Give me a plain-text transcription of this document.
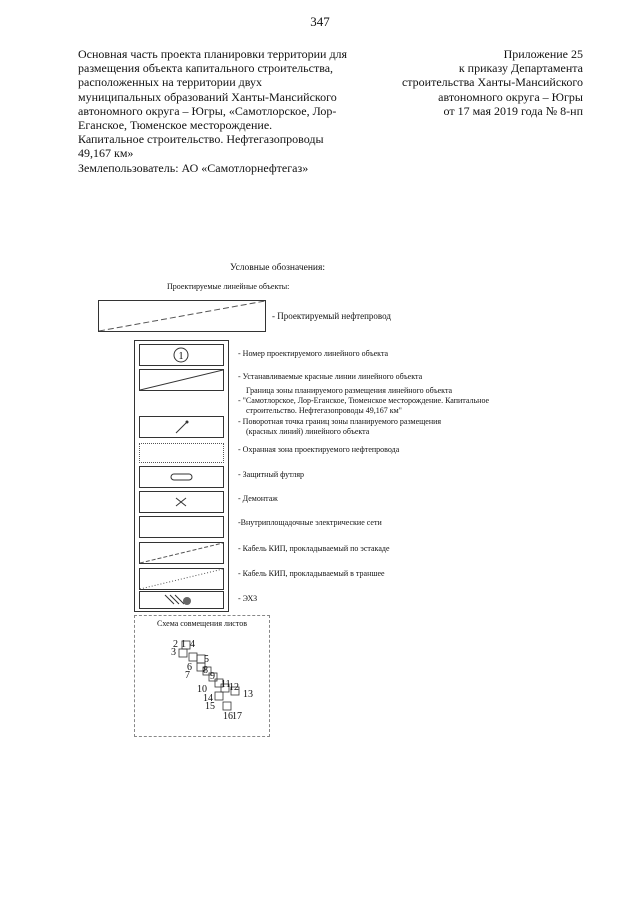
347
Основная часть проекта планировки территории для
размещения объекта капитального строительства,
расположенных на территории двух
муниципальных образований Ханты-Мансийского
автономного округа – Югры, «Самотлорское, Лор-
Еганское, Тюменское месторождение.
Капитальное строительство. Нефтегазопроводы
49,167 км»
Землепользователь: АО «Самотлорнефтегаз»
Приложение 25
к приказу Департамента
строительства Ханты-Мансийского
автономного округа – Югры
от 17 мая 2019 года № 8-нп
Условные обозначения:
Проектируемые линейные объекты:
- Проектируемый нефтепровод
1	- Номер проектируемого линейного объекта
- Устанавливаемые красные линии линейного объекта
Граница зоны планируемого размещения линейного объекта
- "Самотлорское, Лор-Еганское, Тюменское месторождение. Капитальное
строительство. Нефтегазопроводы 49,167 км"
- Поворотная точка границ зоны планируемого размещения
(красных линий) линейного объекта
- Охранная зона проектируемого нефтепровода
- Защитный футляр
- Демонтаж
-Внутриплощадочные электрические сети
- Кабель КИП, прокладываемый по эстакаде
- Кабель КИП, прокладываемый в траншее
- ЭХЗ
Схема совмещения листов
2 1 4
3
5
6 8
7 9
11
10 12
13
14
15
16 17
